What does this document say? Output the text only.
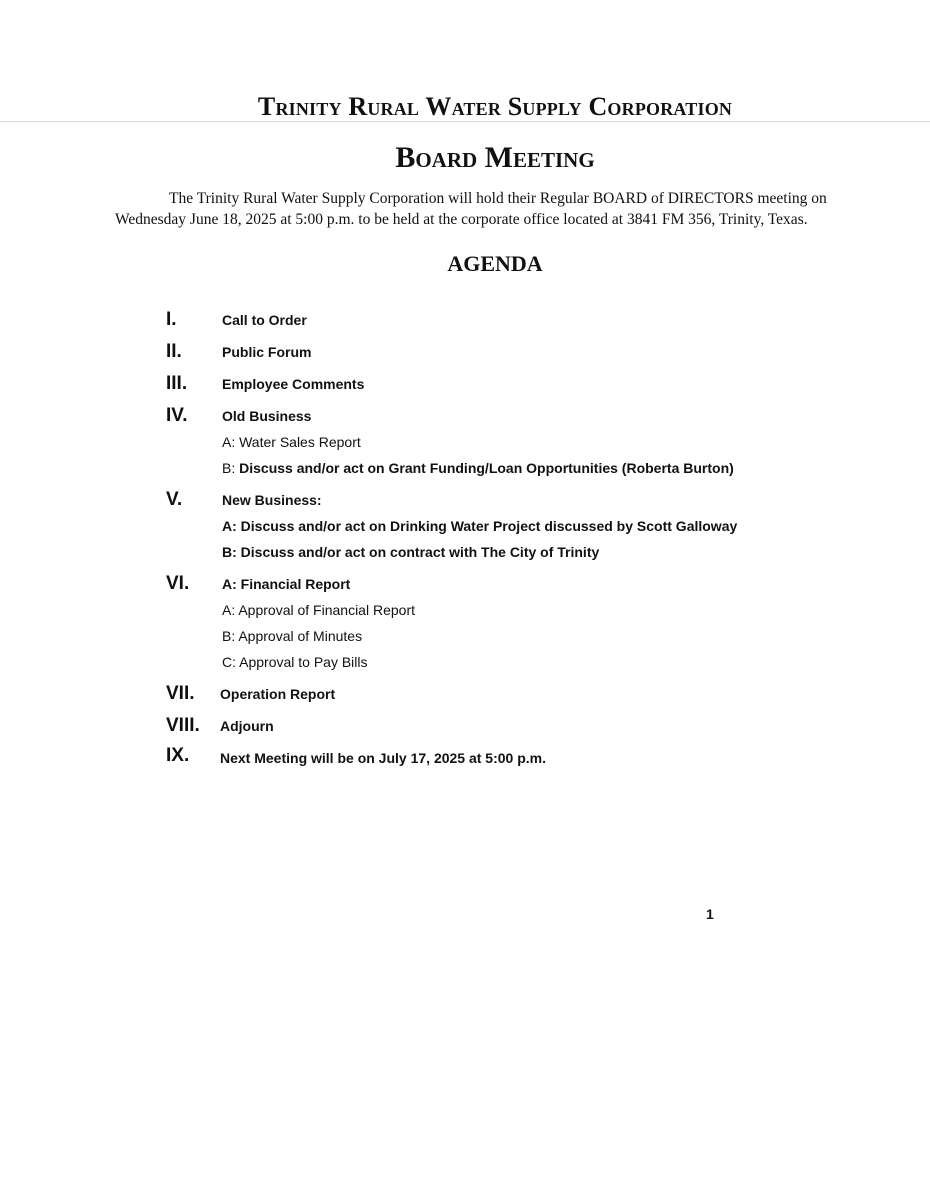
Trinity Rural Water Supply Corporation
Board Meeting
The Trinity Rural Water Supply Corporation will hold their Regular BOARD of DIRECTORS meeting on Wednesday June 18, 2025 at 5:00 p.m. to be held at the corporate office located at 3841 FM 356, Trinity, Texas.
AGENDA
I.	Call to Order
II.	Public Forum
III. Employee Comments
IV. Old Business
A: Water Sales Report
B: Discuss and/or act on Grant Funding/Loan Opportunities (Roberta Burton)
V.	New Business:
A: Discuss and/or act on Drinking Water Project discussed by Scott Galloway
B: Discuss and/or act on contract with The City of Trinity
VI. A: Financial Report
A: Approval of Financial Report
B: Approval of Minutes
C: Approval to Pay Bills
VII. Operation Report
VIII. Adjourn
IX. Next Meeting will be on July 17, 2025 at 5:00 p.m.
1
